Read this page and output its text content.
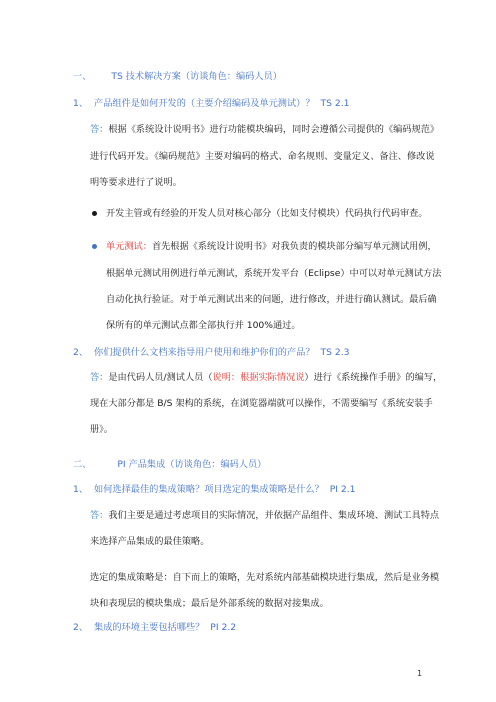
一、 TS 技术解决方案（访谈角色：编码人员）
1、 产品组件是如何开发的（主要介绍编码及单元测试）？ TS 2.1
答：根据《系统设计说明书》进行功能模块编码，同时会遵循公司提供的《编码规范》
进行代码开发。《编码规范》主要对编码的格式、命名规则、变量定义、备注、修改说
明等要求进行了说明。
开发主管或有经验的开发人员对核心部分（比如支付模块）代码执行代码审查。
单元测试：首先根据《系统设计说明书》对我负责的模块部分编写单元测试用例，
根据单元测试用例进行单元测试，系统开发平台（Eclipse）中可以对单元测试方法
自动化执行验证。对于单元测试出来的问题，进行修改，并进行确认测试。最后确
保所有的单元测试点都全部执行并 100%通过。
2、 你们提供什么文档来指导用户使用和维护你们的产品？ TS 2.3
答：是由代码人员/测试人员（说明：根据实际情况说）进行《系统操作手册》的编写，
现在大部分都是 B/S 架构的系统，在浏览器端就可以操作，不需要编写《系统安装手
册》。
二、	PI 产品集成（访谈角色：编码人员）
1、 如何选择最佳的集成策略？项目选定的集成策略是什么？ PI 2.1
答：我们主要是通过考虑项目的实际情况，并依据产品组件、集成环境、测试工具特点
来选择产品集成的最佳策略。
选定的集成策略是：自下而上的策略，先对系统内部基础模块进行集成，然后是业务模
块和表现层的模块集成；最后是外部系统的数据对接集成。
2、 集成的环境主要包括哪些？ PI 2.2
1
